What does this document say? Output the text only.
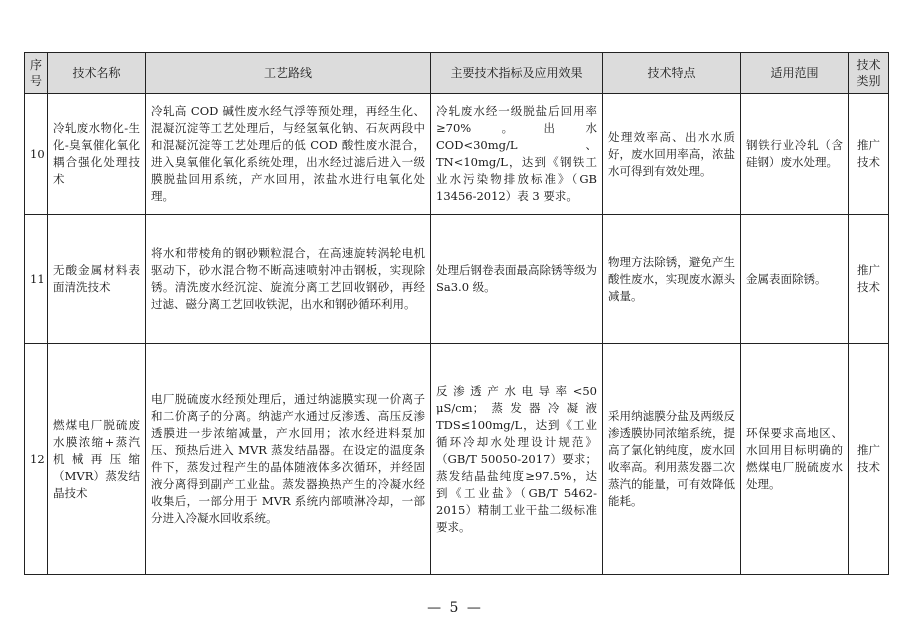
序号	技术名称	工艺路线	主要技术指标及应用效果	技术特点	适用范围	技术类别
10	冷轧废水物化-生化-臭氧催化氧化耦合强化处理技术	冷轧高 COD 碱性废水经气浮等预处理，再经生化、混凝沉淀等工艺处理后，与经氢氧化钠、石灰两段中和混凝沉淀等工艺处理后的低 COD 酸性废水混合，进入臭氧催化氧化系统处理，出水经过滤后进入一级膜脱盐回用系统，产水回用，浓盐水进行电氧化处理。	冷轧废水经一级脱盐后回用率≥70%。出水 COD<30mg/L、TN<10mg/L，达到《钢铁工业水污染物排放标准》（GB 13456-2012）表 3 要求。	处理效率高、出水水质好，废水回用率高，浓盐水可得到有效处理。	钢铁行业冷轧（含硅钢）废水处理。	推广技术
11	无酸金属材料表面清洗技术	将水和带棱角的钢砂颗粒混合，在高速旋转涡轮电机驱动下，砂水混合物不断高速喷射冲击钢板，实现除锈。清洗废水经沉淀、旋流分离工艺回收钢砂，再经过滤、磁分离工艺回收铁泥，出水和钢砂循环利用。	处理后钢卷表面最高除锈等级为 Sa3.0 级。	物理方法除锈，避免产生酸性废水，实现废水源头减量。	金属表面除锈。	推广技术
12	燃煤电厂脱硫废水膜浓缩+蒸汽机械再压缩（MVR）蒸发结晶技术	电厂脱硫废水经预处理后，通过纳滤膜实现一价离子和二价离子的分离。纳滤产水通过反渗透、高压反渗透膜进一步浓缩减量，产水回用；浓水经进料泵加压、预热后进入 MVR 蒸发结晶器。在设定的温度条件下，蒸发过程产生的晶体随液体多次循环，并经固液分离得到副产工业盐。蒸发器换热产生的冷凝水经收集后，一部分用于 MVR 系统内部喷淋冷却，一部分进入冷凝水回收系统。	反渗透产水电导率<50 μS/cm；蒸发器冷凝液 TDS≤100mg/L，达到《工业循环冷却水处理设计规范》（GB/T 50050-2017）要求；蒸发结晶盐纯度≥97.5%，达到《工业盐》（GB/T 5462-2015）精制工业干盐二级标准要求。	采用纳滤膜分盐及两级反渗透膜协同浓缩系统，提高了氯化钠纯度，废水回收率高。利用蒸发器二次蒸汽的能量，可有效降低能耗。	环保要求高地区、水回用目标明确的燃煤电厂脱硫废水处理。	推广技术
— 5 —
